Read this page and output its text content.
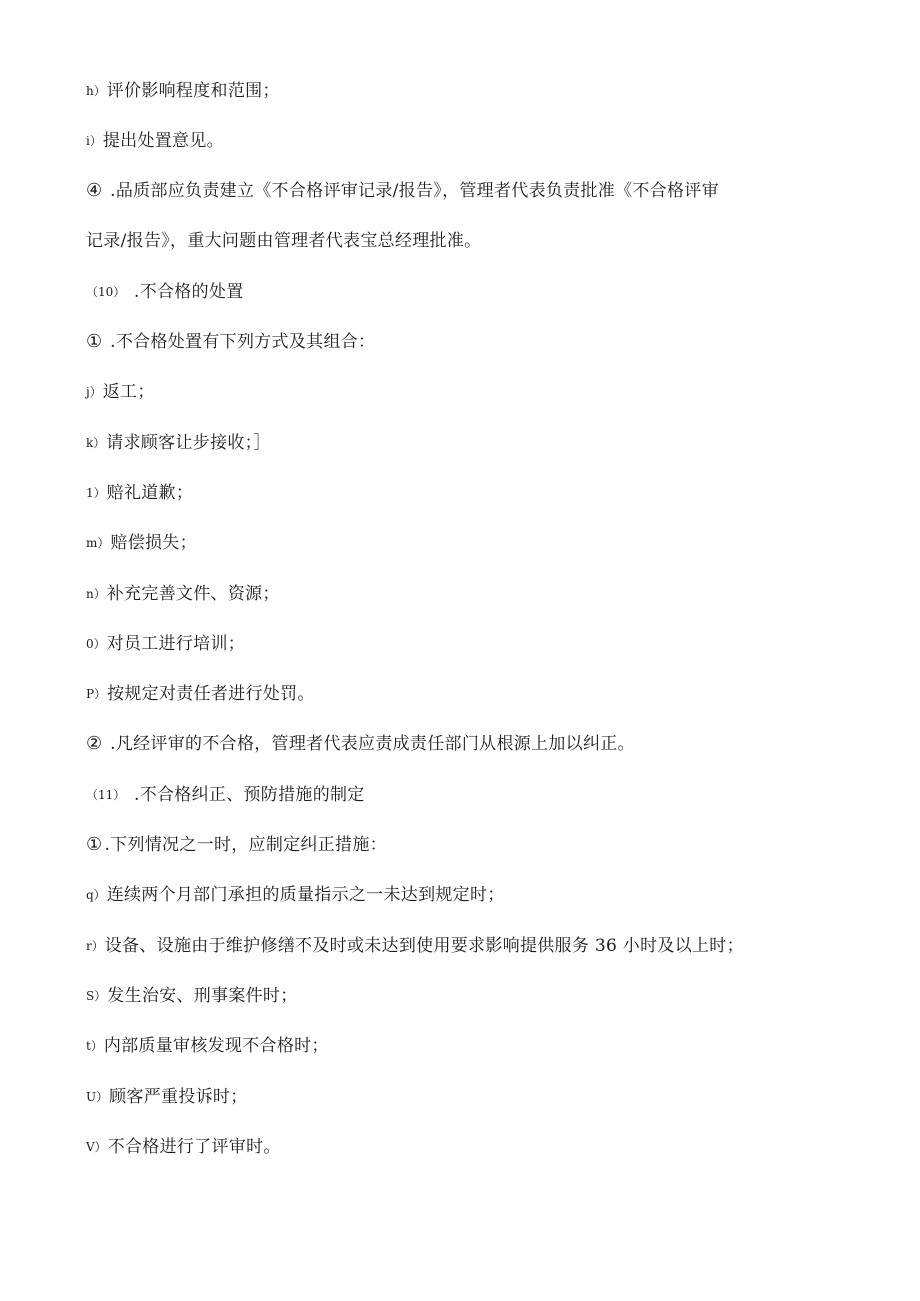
h）评价影响程度和范围；
i）提出处置意见。
④ .品质部应负责建立《不合格评审记录/报告》，管理者代表负责批准《不合格评审
记录/报告》，重大问题由管理者代表宝总经理批准。
（10） .不合格的处置
① .不合格处置有下列方式及其组合：
j）返工；
k）请求顾客让步接收；］
1）赔礼道歉；
m）赔偿损失；
n）补充完善文件、资源；
0）对员工进行培训；
P）按规定对责任者进行处罚。
② .凡经评审的不合格，管理者代表应责成责任部门从根源上加以纠正。
（11） .不合格纠正、预防措施的制定
① .下列情况之一时，应制定纠正措施：
q）连续两个月部门承担的质量指示之一未达到规定时；
r）设备、设施由于维护修缮不及时或未达到使用要求影响提供服务 36 小时及以上时；
S）发生治安、刑事案件时；
t）内部质量审核发现不合格时；
U）顾客严重投诉时；
V）不合格进行了评审时。
